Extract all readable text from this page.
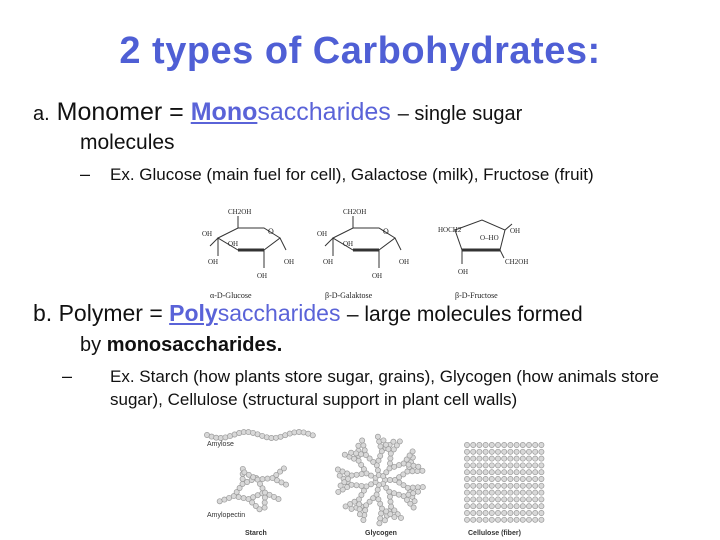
2 types of Carbohydrates:
a. Monomer = Monosaccharides – single sugar
molecules
– Ex. Glucose (main fuel for cell), Galactose (milk), Fructose (fruit)
O
CH2OH
OH
OH
OH
OH
OH
α-D-Glucose
O
CH2OH
OH
OH
OH
OH
OH
β-D-Galaktose
HOCH2
O–HO
OH
OH
CH2OH
β-D-Fructose
b. Polymer = Polysaccharides – large molecules formed
by monosaccharides.
– Ex. Starch (how plants store sugar, grains), Glycogen (how animals store sugar), Cellulose (structural support in plant cell walls)
Amylose
Amylopectin
Starch	Glycogen	Cellulose (fiber)
